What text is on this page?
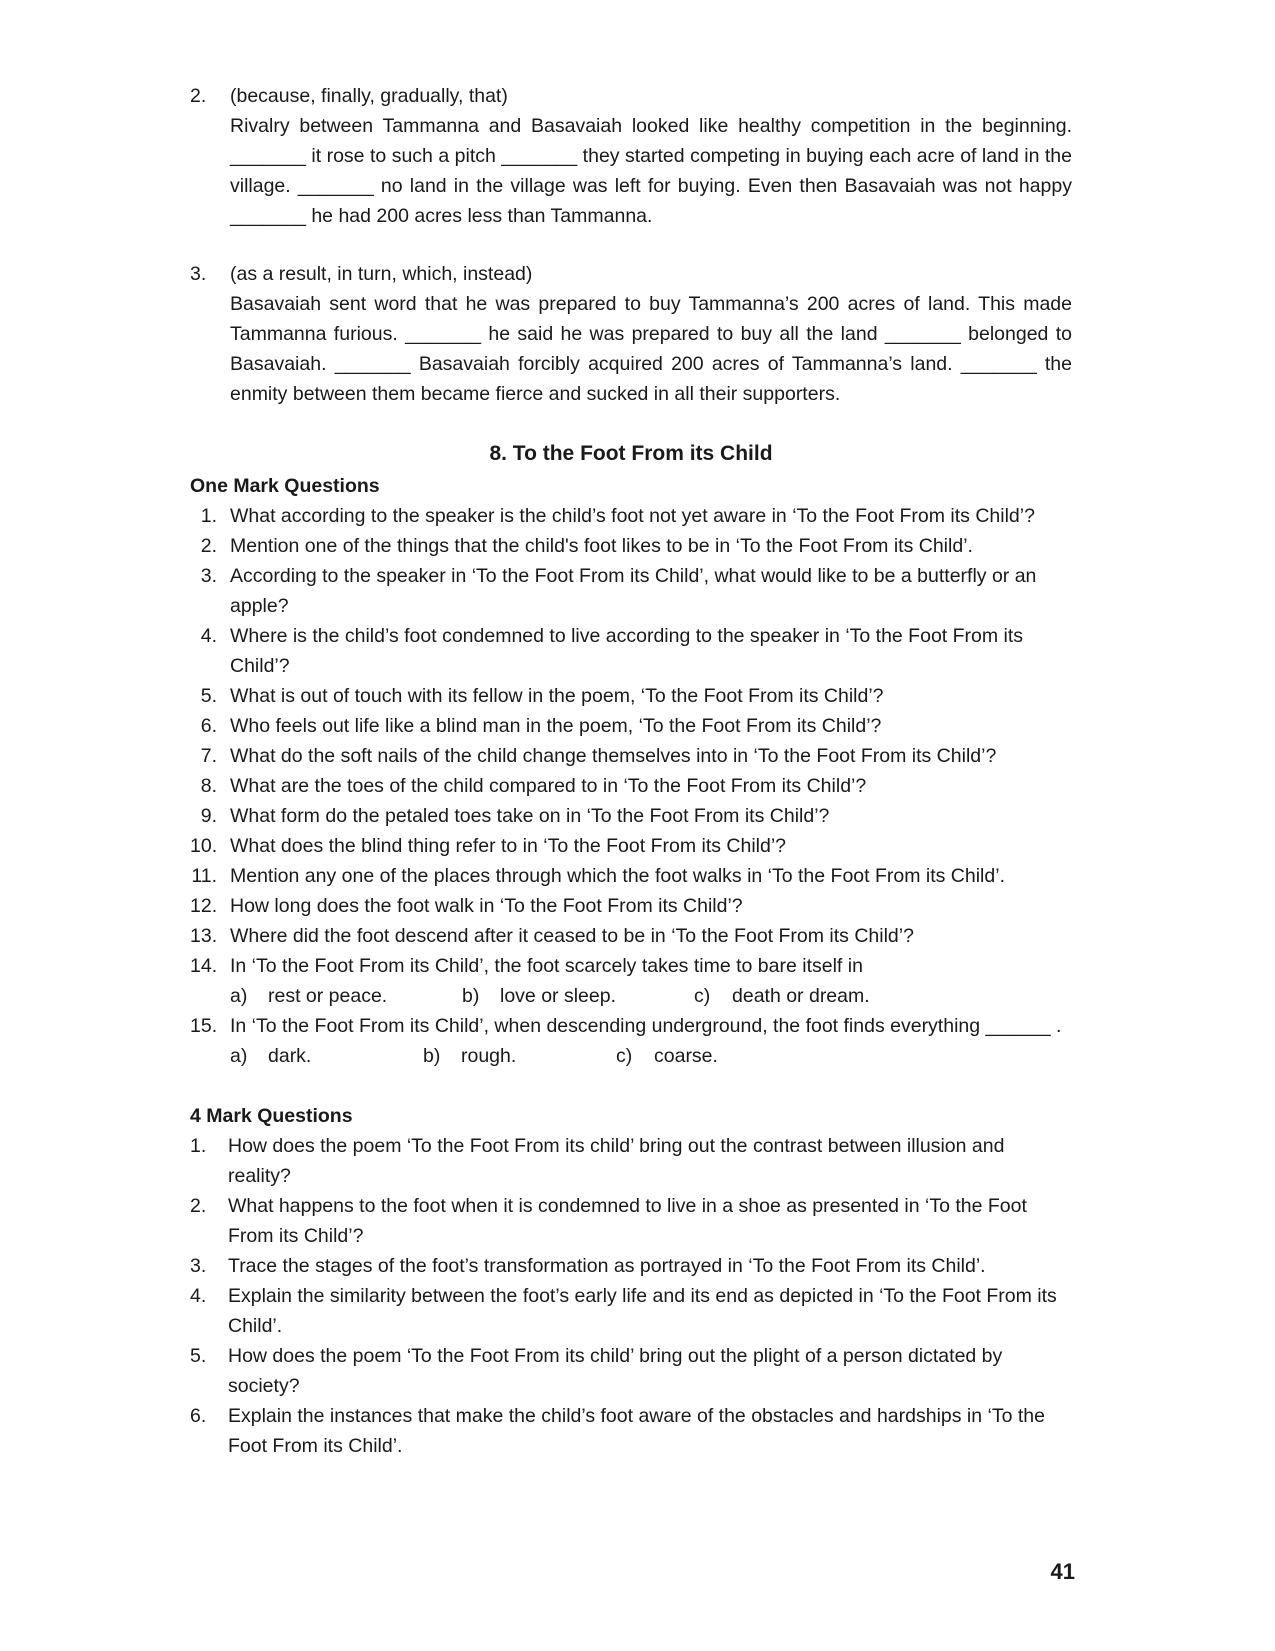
2. (because, finally, gradually, that)
Rivalry between Tammanna and Basavaiah looked like healthy competition in the beginning. _______ it rose to such a pitch _______ they started competing in buying each acre of land in the village. _______ no land in the village was left for buying. Even then Basavaiah was not happy _______ he had 200 acres less than Tammanna.
3. (as a result, in turn, which, instead)
Basavaiah sent word that he was prepared to buy Tammanna’s 200 acres of land. This made Tammanna furious. _______ he said he was prepared to buy all the land _______ belonged to Basavaiah. _______ Basavaiah forcibly acquired 200 acres of Tammanna’s land. _______ the enmity between them became fierce and sucked in all their supporters.
8. To the Foot From its Child
One Mark Questions
1. What according to the speaker is the child’s foot not yet aware in ‘To the Foot From its Child’?
2. Mention one of the things that the child's foot likes to be in ‘To the Foot From its Child’.
3. According to the speaker in ‘To the Foot From its Child’, what would like to be a butterfly or an apple?
4. Where is the child’s foot condemned to live according to the speaker in ‘To the Foot From its Child’?
5. What is out of touch with its fellow in the poem, ‘To the Foot From its Child’?
6. Who feels out life like a blind man in the poem, ‘To the Foot From its Child’?
7. What do the soft nails of the child change themselves into in ‘To the Foot From its Child’?
8. What are the toes of the child compared to in ‘To the Foot From its Child’?
9. What form do the petaled toes take on in ‘To the Foot From its Child’?
10. What does the blind thing refer to in ‘To the Foot From its Child’?
11. Mention any one of the places through which the foot walks in ‘To the Foot From its Child’.
12. How long does the foot walk in ‘To the Foot From its Child’?
13. Where did the foot descend after it ceased to be in ‘To the Foot From its Child’?
14. In ‘To the Foot From its Child’, the foot scarcely takes time to bare itself in
a)	rest or peace.	b)	love or sleep.	c)	death or dream.
15. In ‘To the Foot From its Child’, when descending underground, the foot finds everything ______ .
a)	dark.	b)	rough.	c)	coarse.
4 Mark Questions
1.	How does the poem ‘To the Foot From its child’ bring out the contrast between illusion and reality?
2.	What happens to the foot when it is condemned to live in a shoe as presented in ‘To the Foot From its Child’?
3.	Trace the stages of the foot’s transformation as portrayed in ‘To the Foot From its Child’.
4.	Explain the similarity between the foot’s early life and its end as depicted in ‘To the Foot From its Child’.
5.	How does the poem ‘To the Foot From its child’ bring out the plight of a person dictated by society?
6.	Explain the instances that make the child’s foot aware of the obstacles and hardships in ‘To the Foot From its Child’.
41
